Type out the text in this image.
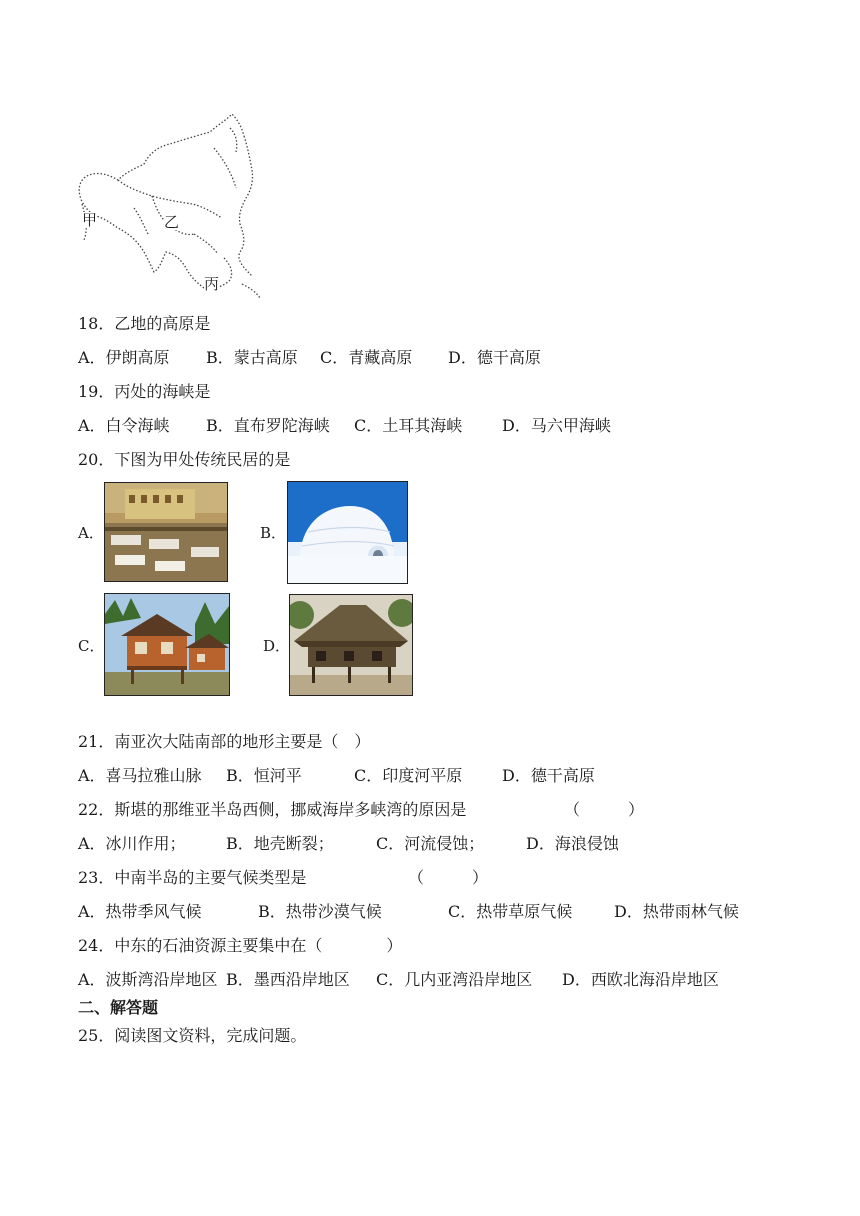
甲	乙
丙
18．乙地的高原是
A．伊朗高原 B．蒙古高原 C．青藏高原 D．德干高原
19．丙处的海峡是
A．白令海峡 B．直布罗陀海峡 C．土耳其海峡 D．马六甲海峡
20．下图为甲处传统民居的是
A．	B．
C．	D．
21．南亚次大陆南部的地形主要是（　）
A．喜马拉雅山脉 B．恒河平	C．印度河平原 D．德干高原
22．斯堪的那维亚半岛西侧，挪威海岸多峡湾的原因是	（　　　）
A．冰川作用；	B．地壳断裂；	C．河流侵蚀；	D．海浪侵蚀
23．中南半岛的主要气候类型是	（　　　）
A．热带季风气候	B．热带沙漠气候	C．热带草原气候	D．热带雨林气候
24．中东的石油资源主要集中在（　　　　）
A．波斯湾沿岸地区 B．墨西沿岸地区 C．几内亚湾沿岸地区 D．西欧北海沿岸地区
二、解答题
25．阅读图文资料，完成问题。
